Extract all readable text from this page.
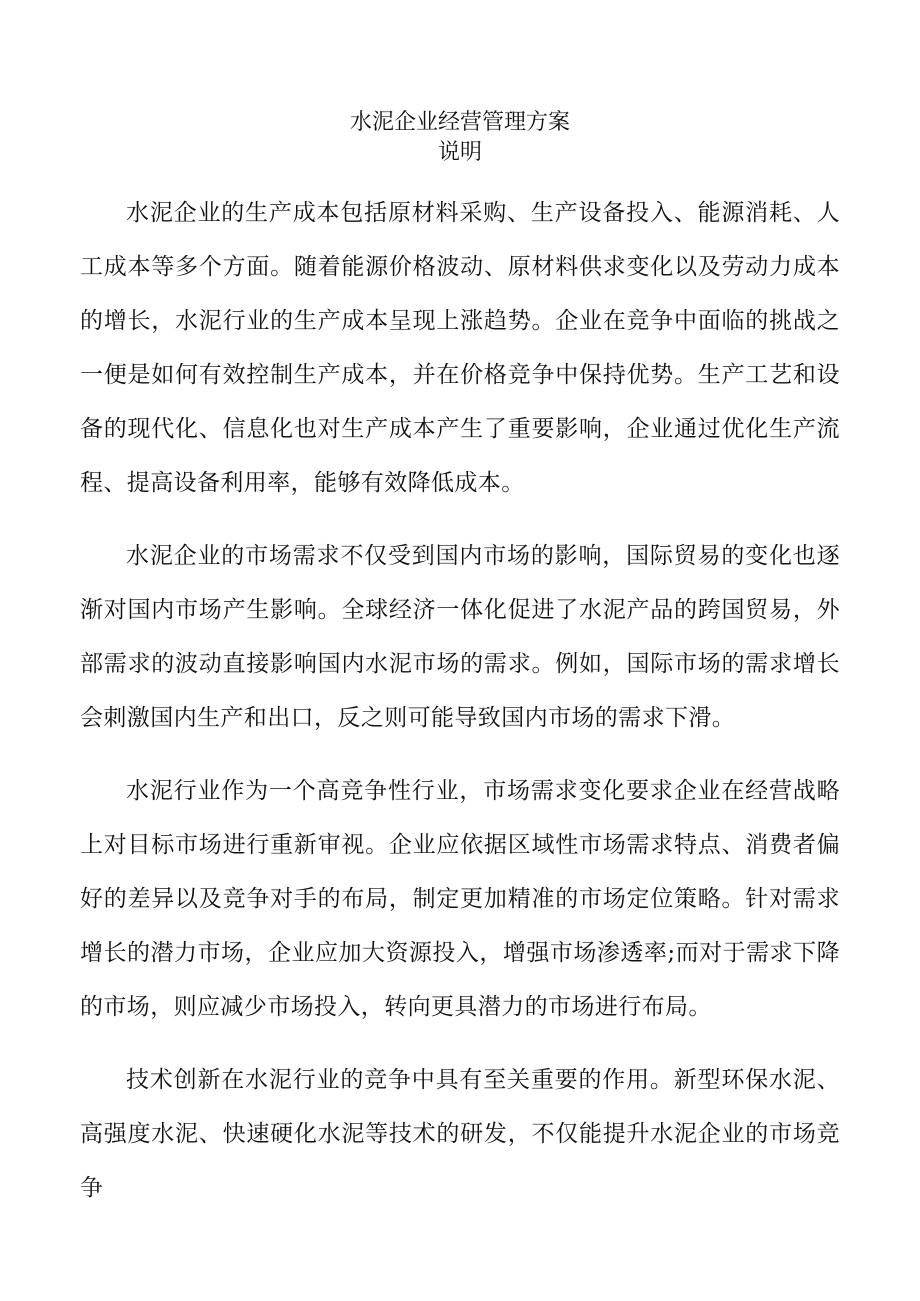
水泥企业经营管理方案
说明

水泥企业的生产成本包括原材料采购、生产设备投入、能源消耗、人工成本等多个方面。随着能源价格波动、原材料供求变化以及劳动力成本的增长，水泥行业的生产成本呈现上涨趋势。企业在竞争中面临的挑战之一便是如何有效控制生产成本，并在价格竞争中保持优势。生产工艺和设备的现代化、信息化也对生产成本产生了重要影响，企业通过优化生产流程、提高设备利用率，能够有效降低成本。

水泥企业的市场需求不仅受到国内市场的影响，国际贸易的变化也逐渐对国内市场产生影响。全球经济一体化促进了水泥产品的跨国贸易，外部需求的波动直接影响国内水泥市场的需求。例如，国际市场的需求增长会刺激国内生产和出口，反之则可能导致国内市场的需求下滑。

水泥行业作为一个高竞争性行业，市场需求变化要求企业在经营战略上对目标市场进行重新审视。企业应依据区域性市场需求特点、消费者偏好的差异以及竞争对手的布局，制定更加精准的市场定位策略。针对需求增长的潜力市场，企业应加大资源投入，增强市场渗透率;而对于需求下降的市场，则应减少市场投入，转向更具潜力的市场进行布局。

技术创新在水泥行业的竞争中具有至关重要的作用。新型环保水泥、高强度水泥、快速硬化水泥等技术的研发，不仅能提升水泥企业的市场竞争
